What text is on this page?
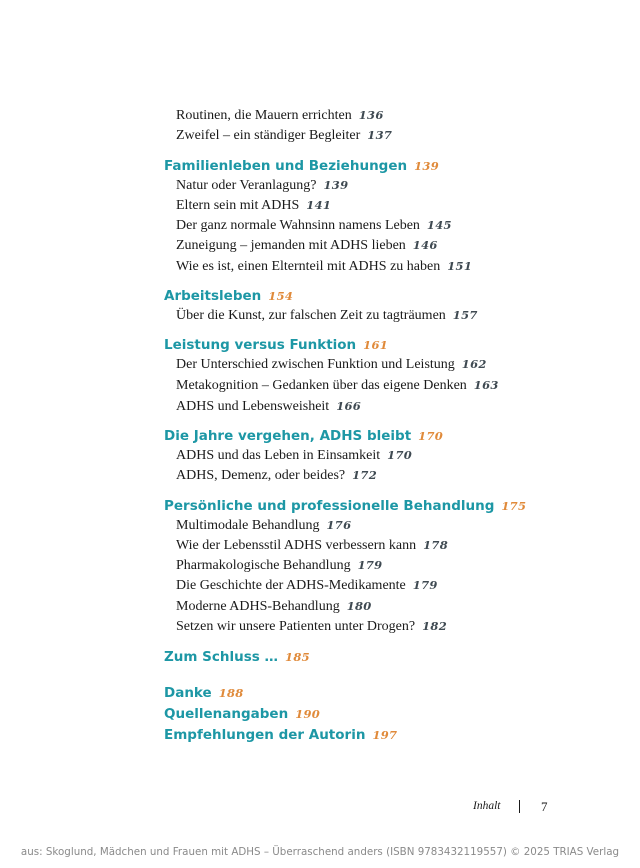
Routinen, die Mauern errichten 136
Zweifel – ein ständiger Begleiter 137
Familienleben und Beziehungen 139
Natur oder Veranlagung? 139
Eltern sein mit ADHS 141
Der ganz normale Wahnsinn namens Leben 145
Zuneigung – jemanden mit ADHS lieben 146
Wie es ist, einen Elternteil mit ADHS zu haben 151
Arbeitsleben 154
Über die Kunst, zur falschen Zeit zu tagträumen 157
Leistung versus Funktion 161
Der Unterschied zwischen Funktion und Leistung 162
Metakognition – Gedanken über das eigene Denken 163
ADHS und Lebensweisheit 166
Die Jahre vergehen, ADHS bleibt 170
ADHS und das Leben in Einsamkeit 170
ADHS, Demenz, oder beides? 172
Persönliche und professionelle Behandlung 175
Multimodale Behandlung 176
Wie der Lebensstil ADHS verbessern kann 178
Pharmakologische Behandlung 179
Die Geschichte der ADHS-Medikamente 179
Moderne ADHS-Behandlung 180
Setzen wir unsere Patienten unter Drogen? 182
Zum Schluss … 185
Danke 188
Quellenangaben 190
Empfehlungen der Autorin 197
Inhalt	7
aus: Skoglund, Mädchen und Frauen mit ADHS – Überraschend anders (ISBN 9783432119557) © 2025 TRIAS Verlag
